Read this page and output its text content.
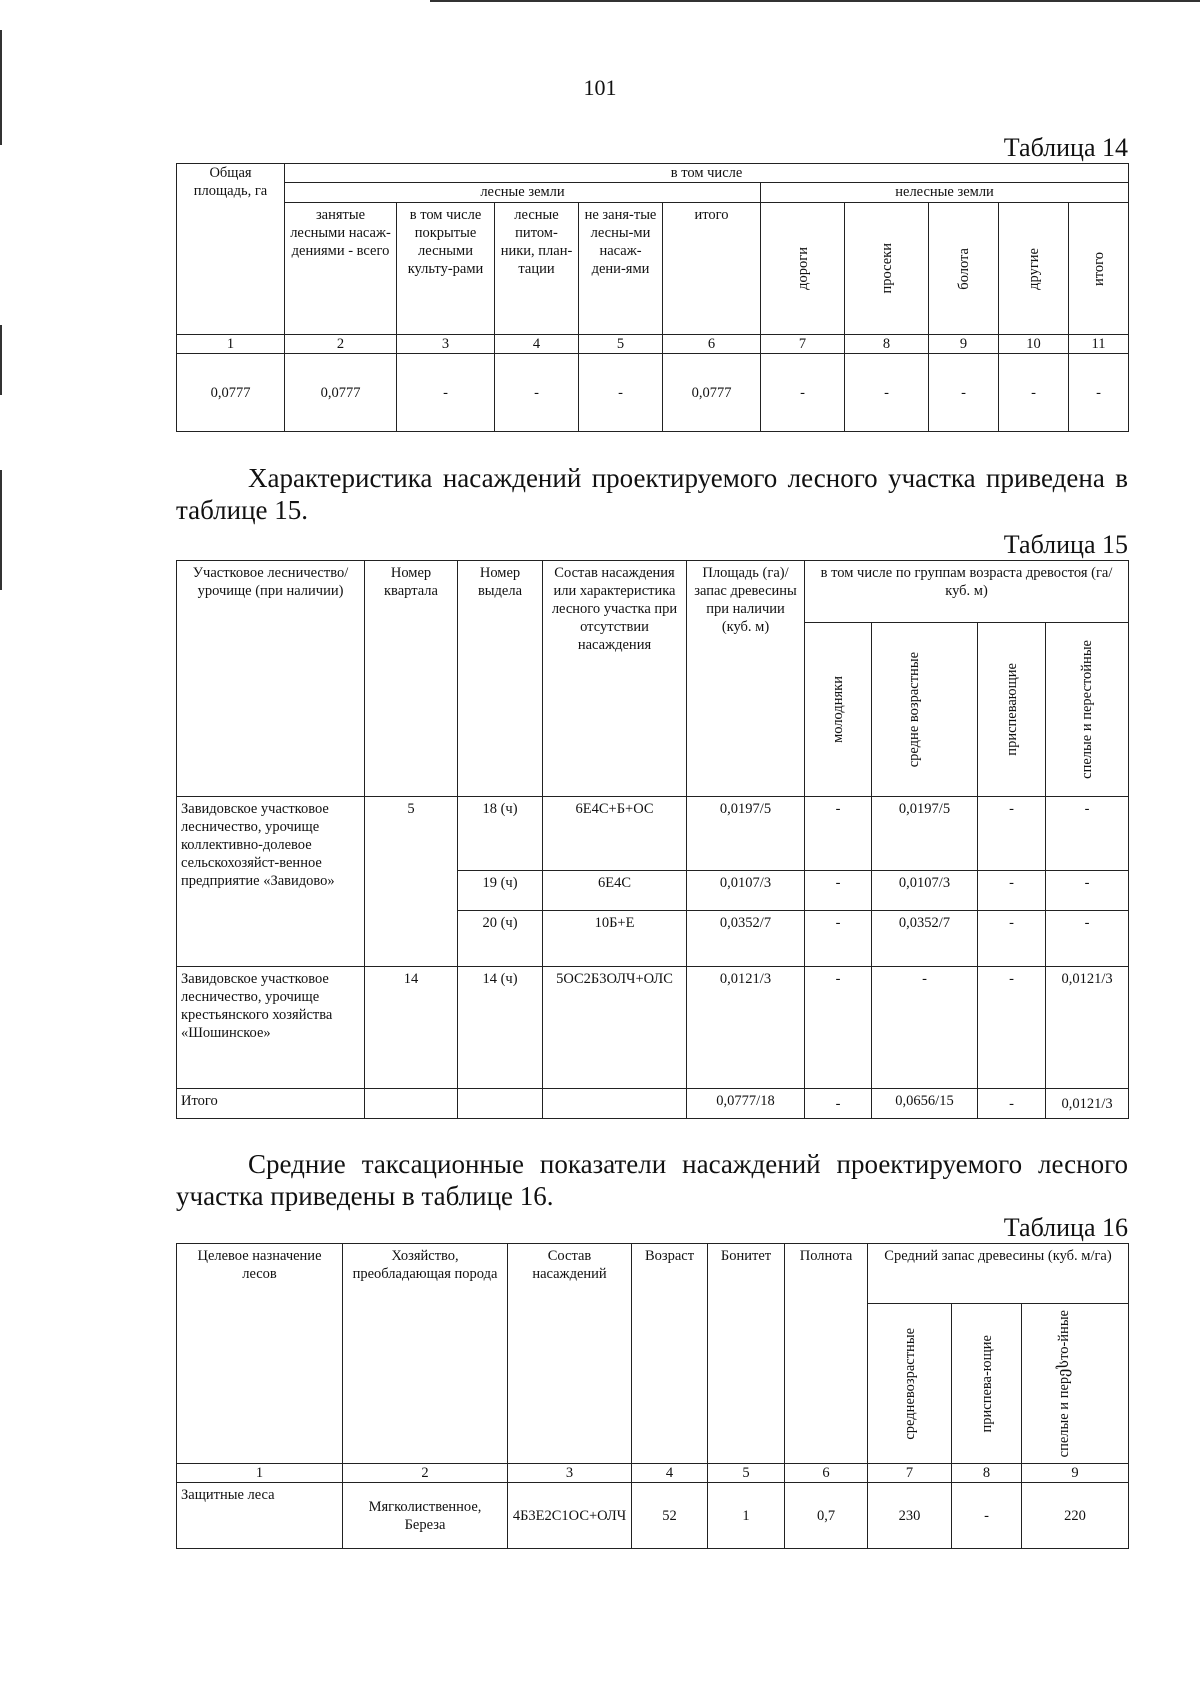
101
Таблица 14
Общая площадь, га	в том числе									
	лесные земли					нелесные земли				
	занятые лесными насаж-дениями - всего	в том числе покрытые лесными культу-рами	лесные питом-ники, план-тации	не заня-тые лесны-ми насаж-дени-ями	итого	дороги	просеки	болота	другие	итого

1	2	3	4	5	6	7	8	9	10	11
0,0777	0,0777	-	-	-	0,0777	-	-	-	-	-
Характеристика насаждений проектируемого лесного участка приведена в таблице 15.
Таблица 15
Участковое лесничество/урочище (при наличии)	Номер квартала	Номер выдела	Состав насаждения или характеристика лесного участка при отсутствии насаждения	Площадь (га)/запас древесины при наличии (куб. м)	в том числе по группам возраста древостоя (га/куб. м)			

					молодняки	средне возрастные	приспевающие	спелые и перестойные

Завидовское участковое лесничество, урочище коллективно-долевое сельскохозяйст-венное предприятие «Завидово»	5	18 (ч)	6Е4С+Б+ОС	0,0197/5	-	0,0197/5	-	-
		19 (ч)	6Е4С	0,0107/3	-	0,0107/3	-	-
		20 (ч)	10Б+Е	0,0352/7	-	0,0352/7	-	-
Завидовское участковое лесничество, урочище крестьянского хозяйства «Шошинское»	14	14 (ч)	5ОС2Б3ОЛЧ+ОЛС	0,0121/3	-	-	-	0,0121/3
Итого				0,0777/18	-	0,0656/15	-	0,0121/3
Средние таксационные показатели насаждений проектируемого лесного участка приведены в таблице 16.
Таблица 16
Целевое назначение лесов	Хозяйство, преобладающая порода	Состав насаждений	Возраст	Бонитет	Полнота	Средний запас древесины (куб. м/га)		

						средневозрастные	приспева-ющие	спелые и перესто-йные

1	2	3	4	5	6	7	8	9
Защитные леса	Мягколиственное, Береза	4Б3Е2С1ОС+ОЛЧ	52	1	0,7	230	-	220
